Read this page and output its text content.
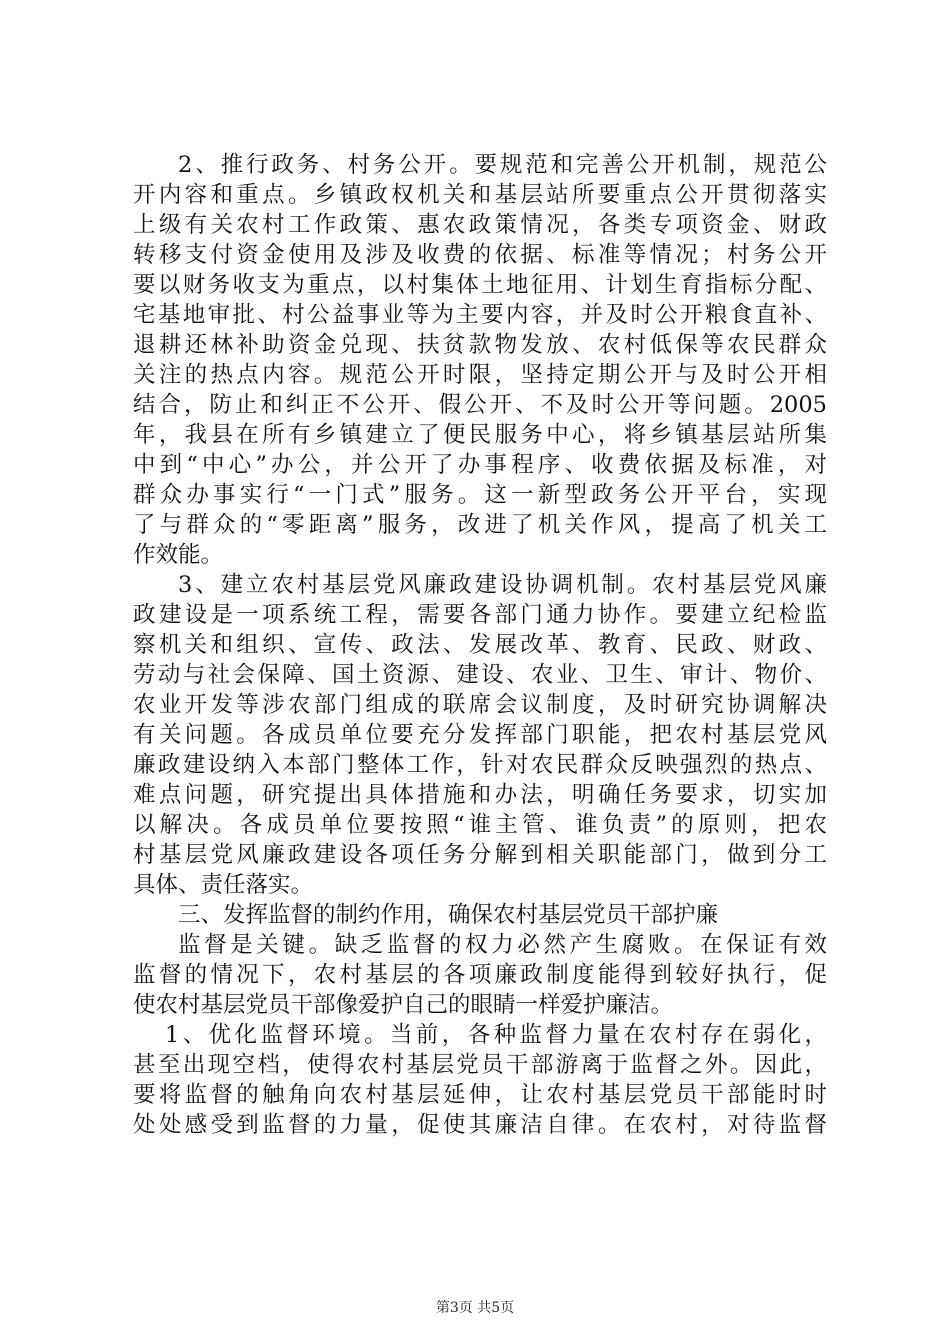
2、推行政务、村务公开。要规范和完善公开机制，规范公
开内容和重点。乡镇政权机关和基层站所要重点公开贯彻落实
上级有关农村工作政策、惠农政策情况，各类专项资金、财政
转移支付资金使用及涉及收费的依据、标准等情况；村务公开
要以财务收支为重点，以村集体土地征用、计划生育指标分配、
宅基地审批、村公益事业等为主要内容，并及时公开粮食直补、
退耕还林补助资金兑现、扶贫款物发放、农村低保等农民群众
关注的热点内容。规范公开时限，坚持定期公开与及时公开相
结合，防止和纠正不公开、假公开、不及时公开等问题。2005
年，我县在所有乡镇建立了便民服务中心，将乡镇基层站所集
中到“中心”办公，并公开了办事程序、收费依据及标准，对
群众办事实行“一门式”服务。这一新型政务公开平台，实现
了与群众的“零距离”服务，改进了机关作风，提高了机关工
作效能。
3、建立农村基层党风廉政建设协调机制。农村基层党风廉
政建设是一项系统工程，需要各部门通力协作。要建立纪检监
察机关和组织、宣传、政法、发展改革、教育、民政、财政、
劳动与社会保障、国土资源、建设、农业、卫生、审计、物价、
农业开发等涉农部门组成的联席会议制度，及时研究协调解决
有关问题。各成员单位要充分发挥部门职能，把农村基层党风
廉政建设纳入本部门整体工作，针对农民群众反映强烈的热点、
难点问题，研究提出具体措施和办法，明确任务要求，切实加
以解决。各成员单位要按照“谁主管、谁负责”的原则，把农
村基层党风廉政建设各项任务分解到相关职能部门，做到分工
具体、责任落实。
三、发挥监督的制约作用，确保农村基层党员干部护廉
监督是关键。缺乏监督的权力必然产生腐败。在保证有效
监督的情况下，农村基层的各项廉政制度能得到较好执行，促
使农村基层党员干部像爱护自己的眼睛一样爱护廉洁。
1、优化监督环境。当前，各种监督力量在农村存在弱化，
甚至出现空档，使得农村基层党员干部游离于监督之外。因此，
要将监督的触角向农村基层延伸，让农村基层党员干部能时时
处处感受到监督的力量，促使其廉洁自律。在农村，对待监督
第3页 共5页
